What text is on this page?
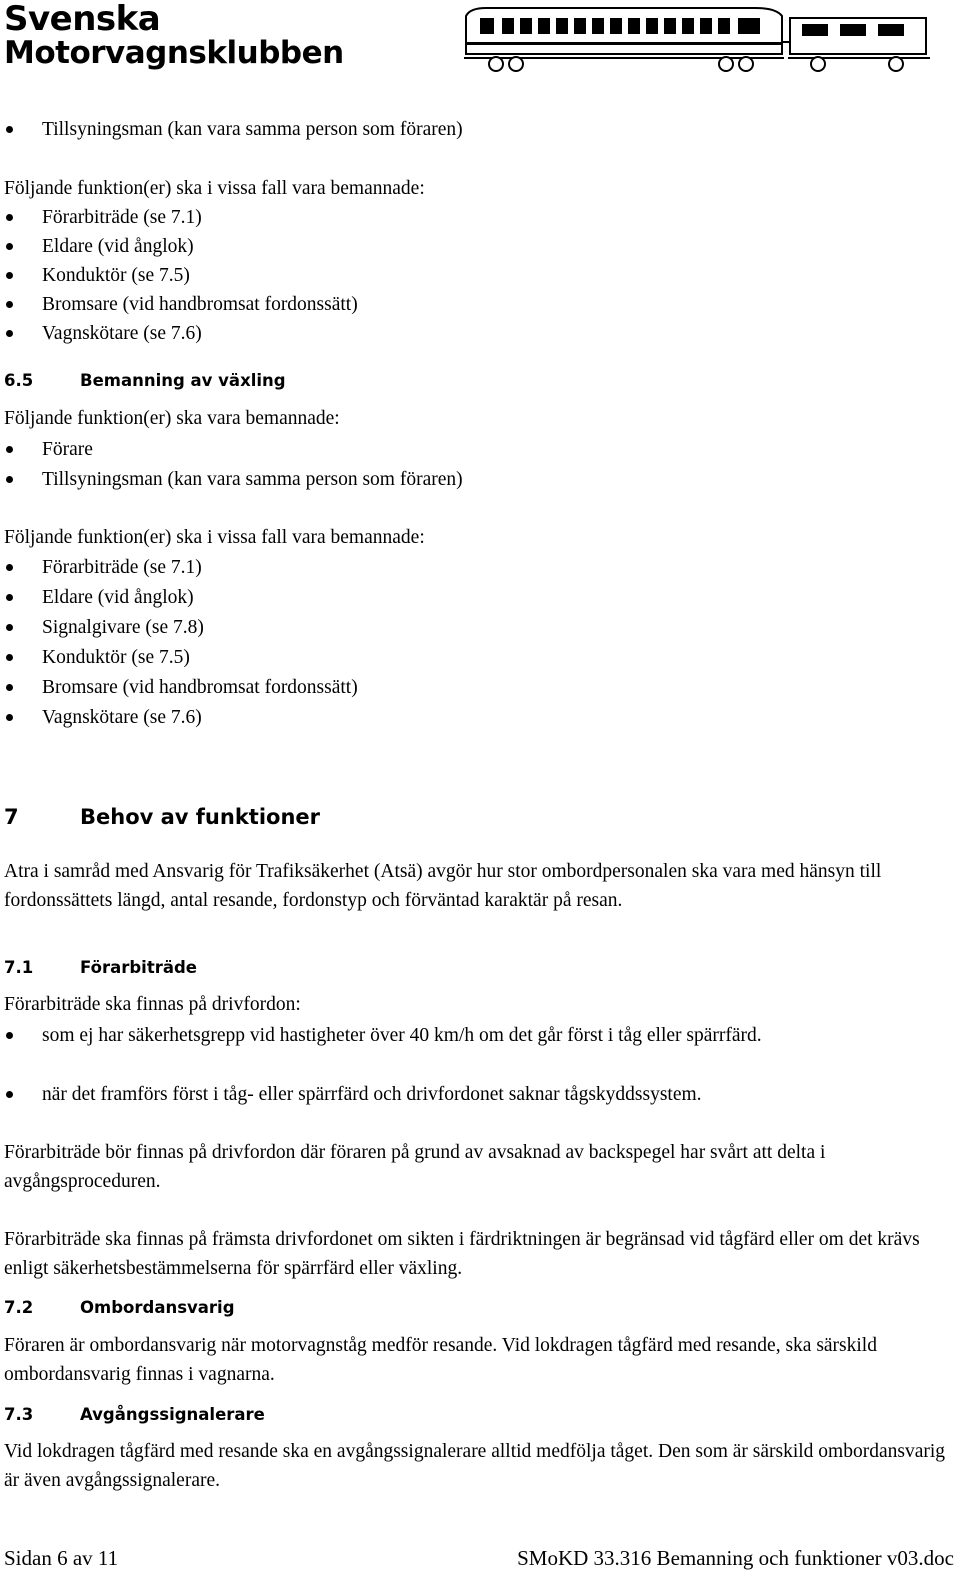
Svenska
Motorvagnsklubben
Tillsyningsman (kan vara samma person som föraren)
Följande funktion(er) ska i vissa fall vara bemannade:
Förarbiträde (se 7.1)
Eldare (vid ånglok)
Konduktör (se 7.5)
Bromsare (vid handbromsat fordonssätt)
Vagnskötare (se 7.6)
6.5	Bemanning av växling
Följande funktion(er) ska vara bemannade:
Förare
Tillsyningsman (kan vara samma person som föraren)
Följande funktion(er) ska i vissa fall vara bemannade:
Förarbiträde (se 7.1)
Eldare (vid ånglok)
Signalgivare (se 7.8)
Konduktör (se 7.5)
Bromsare (vid handbromsat fordonssätt)
Vagnskötare (se 7.6)
7	Behov av funktioner
Atra i samråd med Ansvarig för Trafiksäkerhet (Atsä) avgör hur stor ombordpersonalen ska vara med hänsyn till fordonssättets längd, antal resande, fordonstyp och förväntad karaktär på resan.
7.1	Förarbiträde
Förarbiträde ska finnas på drivfordon:
som ej har säkerhetsgrepp vid hastigheter över 40 km/h om det går först i tåg eller spärrfärd.
när det framförs först i tåg- eller spärrfärd och drivfordonet saknar tågskyddssystem.
Förarbiträde bör finnas på drivfordon där föraren på grund av avsaknad av backspegel har svårt att delta i avgångsproceduren.
Förarbiträde ska finnas på främsta drivfordonet om sikten i färdriktningen är begränsad vid tågfärd eller om det krävs enligt säkerhetsbestämmelserna för spärrfärd eller växling.
7.2	Ombordansvarig
Föraren är ombordansvarig när motorvagnståg medför resande. Vid lokdragen tågfärd med resande, ska särskild ombordansvarig finnas i vagnarna.
7.3	Avgångssignalerare
Vid lokdragen tågfärd med resande ska en avgångssignalerare alltid medfölja tåget. Den som är särskild ombordansvarig är även avgångssignalerare.
Sidan 6 av 11	SMoKD 33.316 Bemanning och funktioner v03.doc
